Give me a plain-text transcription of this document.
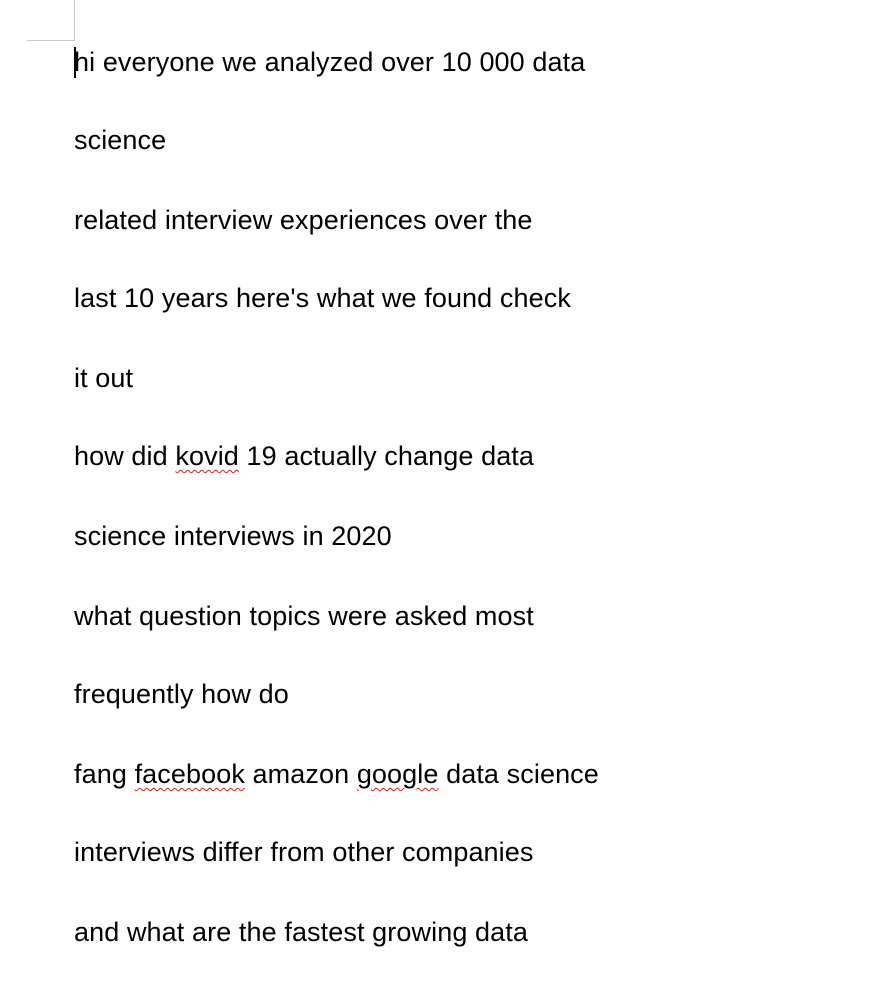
hi everyone we analyzed over 10 000 data
science
related interview experiences over the
last 10 years here's what we found check
it out
how did kovid 19 actually change data
science interviews in 2020
what question topics were asked most
frequently how do
fang facebook amazon google data science
interviews differ from other companies
and what are the fastest growing data
